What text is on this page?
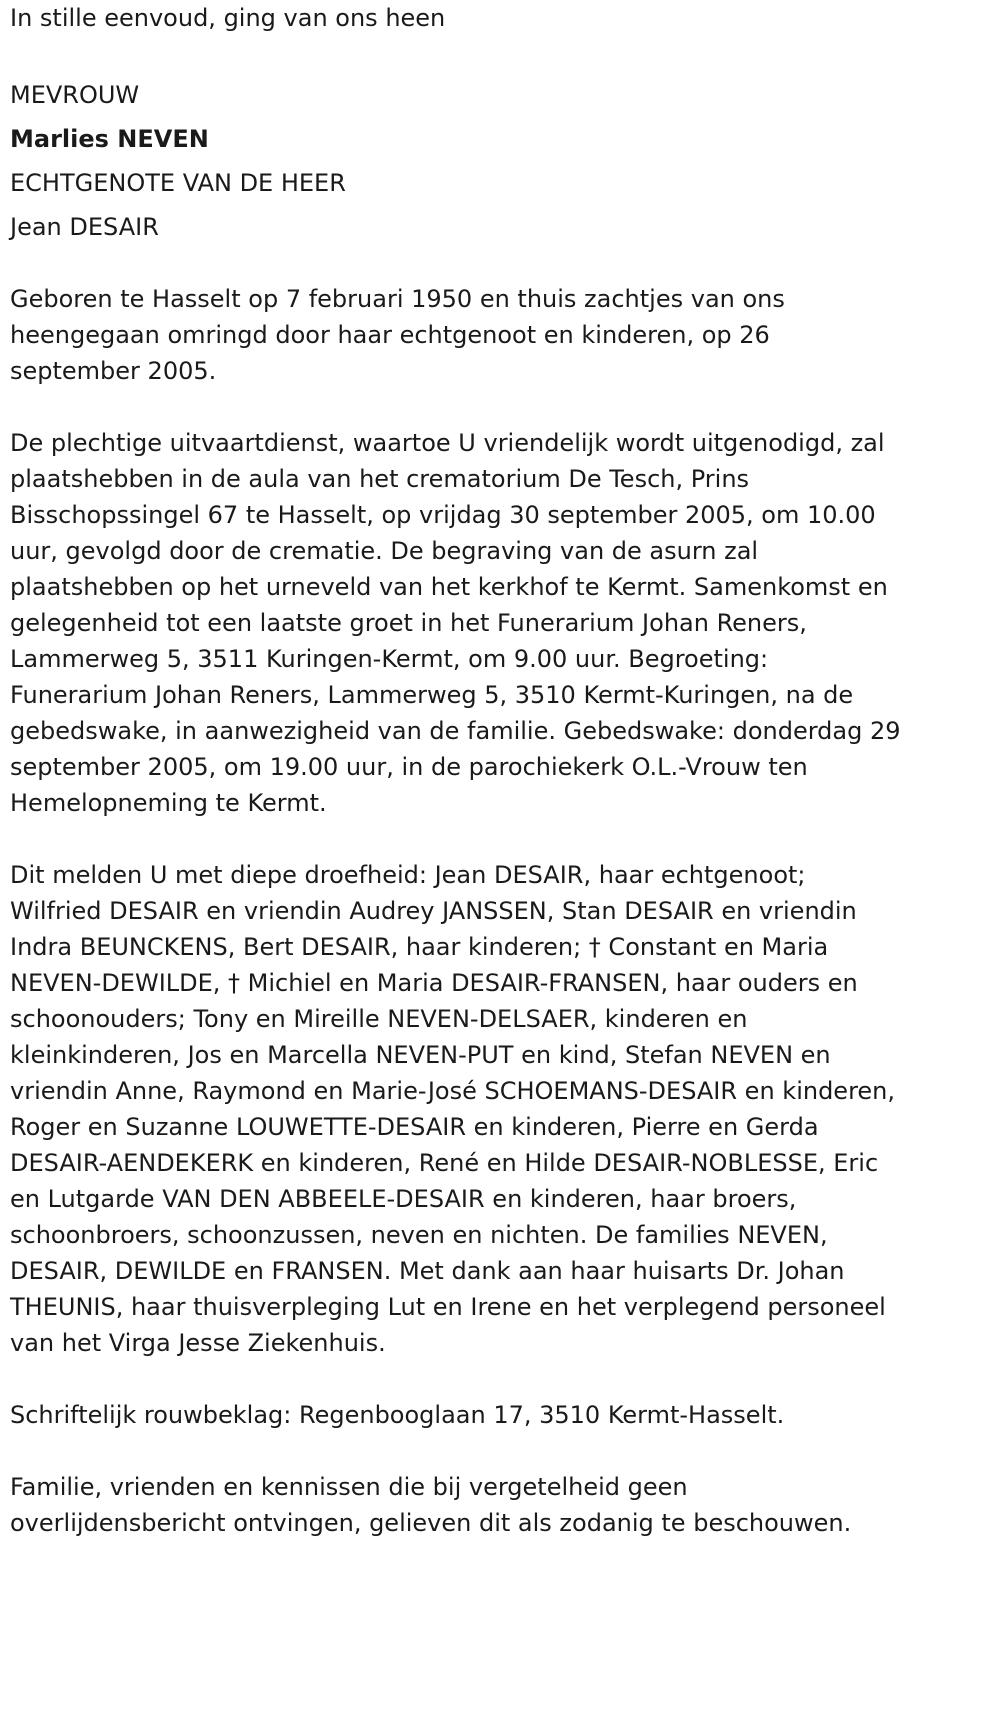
In stille eenvoud, ging van ons heen
MEVROUW
Marlies NEVEN
ECHTGENOTE VAN DE HEER
Jean DESAIR
Geboren te Hasselt op 7 februari 1950 en thuis zachtjes van ons
heengegaan omringd door haar echtgenoot en kinderen, op 26
september 2005.
De plechtige uitvaartdienst, waartoe U vriendelijk wordt uitgenodigd, zal
plaatshebben in de aula van het crematorium De Tesch, Prins
Bisschopssingel 67 te Hasselt, op vrijdag 30 september 2005, om 10.00
uur, gevolgd door de crematie. De begraving van de asurn zal
plaatshebben op het urneveld van het kerkhof te Kermt. Samenkomst en
gelegenheid tot een laatste groet in het Funerarium Johan Reners,
Lammerweg 5, 3511 Kuringen-Kermt, om 9.00 uur. Begroeting:
Funerarium Johan Reners, Lammerweg 5, 3510 Kermt-Kuringen, na de
gebedswake, in aanwezigheid van de familie. Gebedswake: donderdag 29
september 2005, om 19.00 uur, in de parochiekerk O.L.-Vrouw ten
Hemelopneming te Kermt.
Dit melden U met diepe droefheid: Jean DESAIR, haar echtgenoot;
Wilfried DESAIR en vriendin Audrey JANSSEN, Stan DESAIR en vriendin
Indra BEUNCKENS, Bert DESAIR, haar kinderen; † Constant en Maria
NEVEN-DEWILDE, † Michiel en Maria DESAIR-FRANSEN, haar ouders en
schoonouders; Tony en Mireille NEVEN-DELSAER, kinderen en
kleinkinderen, Jos en Marcella NEVEN-PUT en kind, Stefan NEVEN en
vriendin Anne, Raymond en Marie-José SCHOEMANS-DESAIR en kinderen,
Roger en Suzanne LOUWETTE-DESAIR en kinderen, Pierre en Gerda
DESAIR-AENDEKERK en kinderen, René en Hilde DESAIR-NOBLESSE, Eric
en Lutgarde VAN DEN ABBEELE-DESAIR en kinderen, haar broers,
schoonbroers, schoonzussen, neven en nichten. De families NEVEN,
DESAIR, DEWILDE en FRANSEN. Met dank aan haar huisarts Dr. Johan
THEUNIS, haar thuisverpleging Lut en Irene en het verplegend personeel
van het Virga Jesse Ziekenhuis.
Schriftelijk rouwbeklag: Regenbooglaan 17, 3510 Kermt-Hasselt.
Familie, vrienden en kennissen die bij vergetelheid geen
overlijdensbericht ontvingen, gelieven dit als zodanig te beschouwen.
